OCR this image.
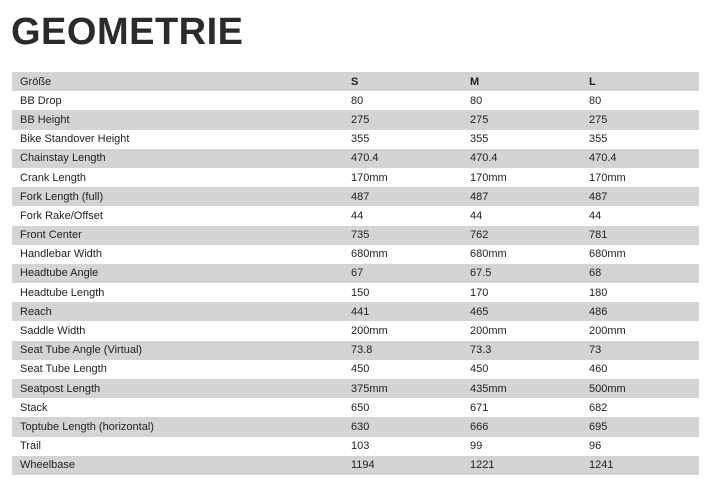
GEOMETRIE
Größe	S	M	L
BB Drop	80	80	80
BB Height	275	275	275
Bike Standover Height	355	355	355
Chainstay Length	470.4	470.4	470.4
Crank Length	170mm	170mm	170mm
Fork Length (full)	487	487	487
Fork Rake/Offset	44	44	44
Front Center	735	762	781
Handlebar Width	680mm	680mm	680mm
Headtube Angle	67	67.5	68
Headtube Length	150	170	180
Reach	441	465	486
Saddle Width	200mm	200mm	200mm
Seat Tube Angle (Virtual)	73.8	73.3	73
Seat Tube Length	450	450	460
Seatpost Length	375mm	435mm	500mm
Stack	650	671	682
Toptube Length (horizontal)	630	666	695
Trail	103	99	96
Wheelbase	1194	1221	1241
